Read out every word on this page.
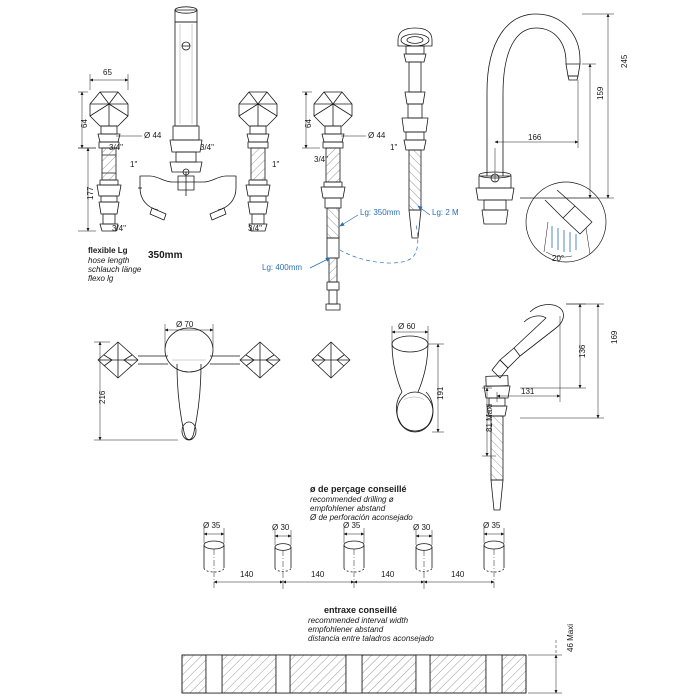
65
64
177
Ø 44
3/4"
1"
3/4"
1"
3/4"	3/4"
64
Ø 44
3/4"
1"
245
159
166
20°
flexible Lg 350mm
hose length
schlauch länge
flexo lg
Lg: 350mm
Lg: 400mm
Lg: 2 M
Ø 70
216
Ø 60
191
169
136
81 Maxi
131
ø de perçage conseillé
recommended drilling ø
empfohlener abstand
Ø de perforación aconsejado
Ø 35	Ø 30	Ø 35	Ø 30	Ø 35
140	140	140	140
entraxe conseillé
recommended interval width
empfohlener abstand
distancia entre taladros aconsejado	46 Maxi
